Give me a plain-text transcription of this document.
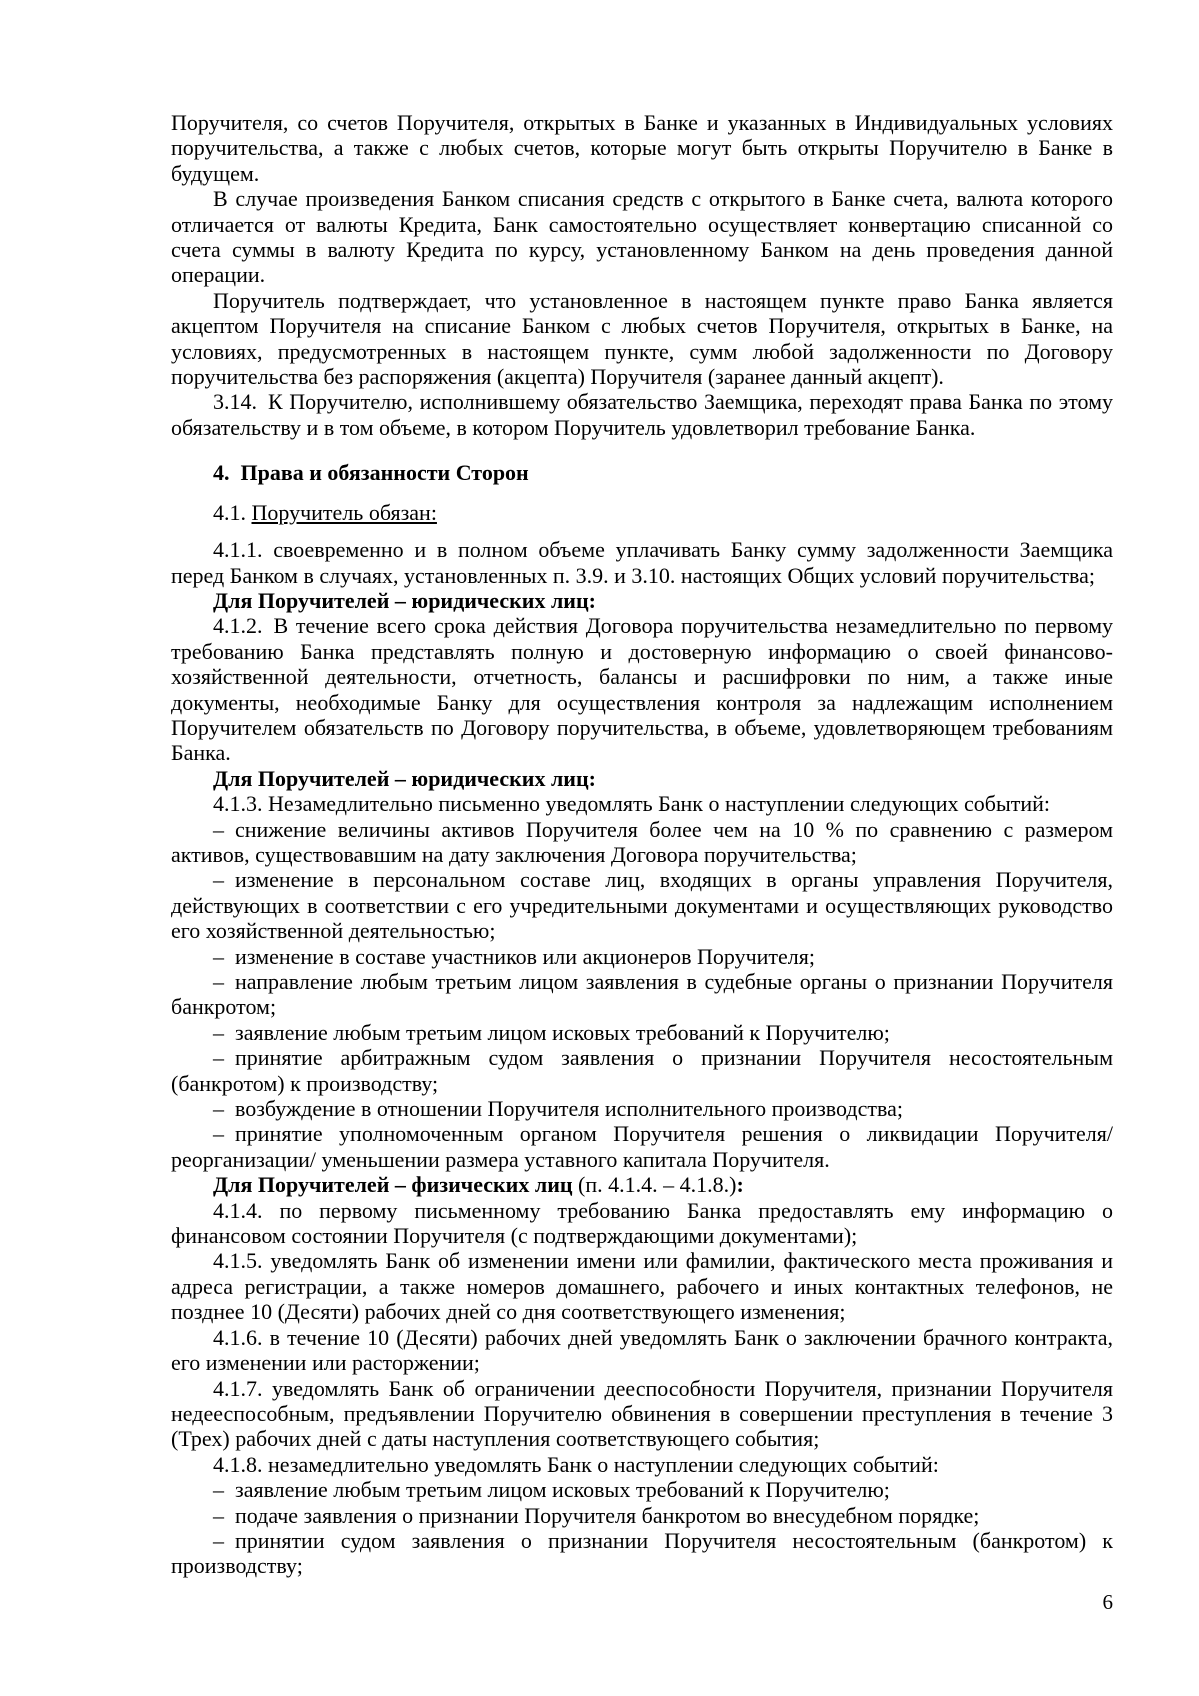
Поручителя, со счетов Поручителя, открытых в Банке и указанных в Индивидуальных условиях поручительства, а также с любых счетов, которые могут быть открыты Поручителю в Банке в будущем.

В случае произведения Банком списания средств с открытого в Банке счета, валюта которого отличается от валюты Кредита, Банк самостоятельно осуществляет конвертацию списанной со счета суммы в валюту Кредита по курсу, установленному Банком на день проведения данной операции.

Поручитель подтверждает, что установленное в настоящем пункте право Банка является акцептом Поручителя на списание Банком с любых счетов Поручителя, открытых в Банке, на условиях, предусмотренных в настоящем пункте, сумм любой задолженности по Договору поручительства без распоряжения (акцепта) Поручителя (заранее данный акцепт).

3.14. К Поручителю, исполнившему обязательство Заемщика, переходят права Банка по этому обязательству и в том объеме, в котором Поручитель удовлетворил требование Банка.

4. Права и обязанности Сторон

4.1. Поручитель обязан:

4.1.1. своевременно и в полном объеме уплачивать Банку сумму задолженности Заемщика перед Банком в случаях, установленных п. 3.9. и 3.10. настоящих Общих условий поручительства;

Для Поручителей – юридических лиц:

4.1.2. В течение всего срока действия Договора поручительства незамедлительно по первому требованию Банка представлять полную и достоверную информацию о своей финансово-хозяйственной деятельности, отчетность, балансы и расшифровки по ним, а также иные документы, необходимые Банку для осуществления контроля за надлежащим исполнением Поручителем обязательств по Договору поручительства, в объеме, удовлетворяющем требованиям Банка.

Для Поручителей – юридических лиц:

4.1.3. Незамедлительно письменно уведомлять Банк о наступлении следующих событий:

– снижение величины активов Поручителя более чем на 10 % по сравнению с размером активов, существовавшим на дату заключения Договора поручительства;

– изменение в персональном составе лиц, входящих в органы управления Поручителя, действующих в соответствии с его учредительными документами и осуществляющих руководство его хозяйственной деятельностью;

– изменение в составе участников или акционеров Поручителя;

– направление любым третьим лицом заявления в судебные органы о признании Поручителя банкротом;

– заявление любым третьим лицом исковых требований к Поручителю;

– принятие арбитражным судом заявления о признании Поручителя несостоятельным (банкротом) к производству;

– возбуждение в отношении Поручителя исполнительного производства;

– принятие уполномоченным органом Поручителя решения о ликвидации Поручителя/ реорганизации/ уменьшении размера уставного капитала Поручителя.

Для Поручителей – физических лиц (п. 4.1.4. – 4.1.8.):

4.1.4. по первому письменному требованию Банка предоставлять ему информацию о финансовом состоянии Поручителя (с подтверждающими документами);

4.1.5. уведомлять Банк об изменении имени или фамилии, фактического места проживания и адреса регистрации, а также номеров домашнего, рабочего и иных контактных телефонов, не позднее 10 (Десяти) рабочих дней со дня соответствующего изменения;

4.1.6. в течение 10 (Десяти) рабочих дней уведомлять Банк о заключении брачного контракта, его изменении или расторжении;

4.1.7. уведомлять Банк об ограничении дееспособности Поручителя, признании Поручителя недееспособным, предъявлении Поручителю обвинения в совершении преступления в течение 3 (Трех) рабочих дней с даты наступления соответствующего события;

4.1.8. незамедлительно уведомлять Банк о наступлении следующих событий:

– заявление любым третьим лицом исковых требований к Поручителю;

– подаче заявления о признании Поручителя банкротом во внесудебном порядке;

– принятии судом заявления о признании Поручителя несостоятельным (банкротом) к производству;

6
